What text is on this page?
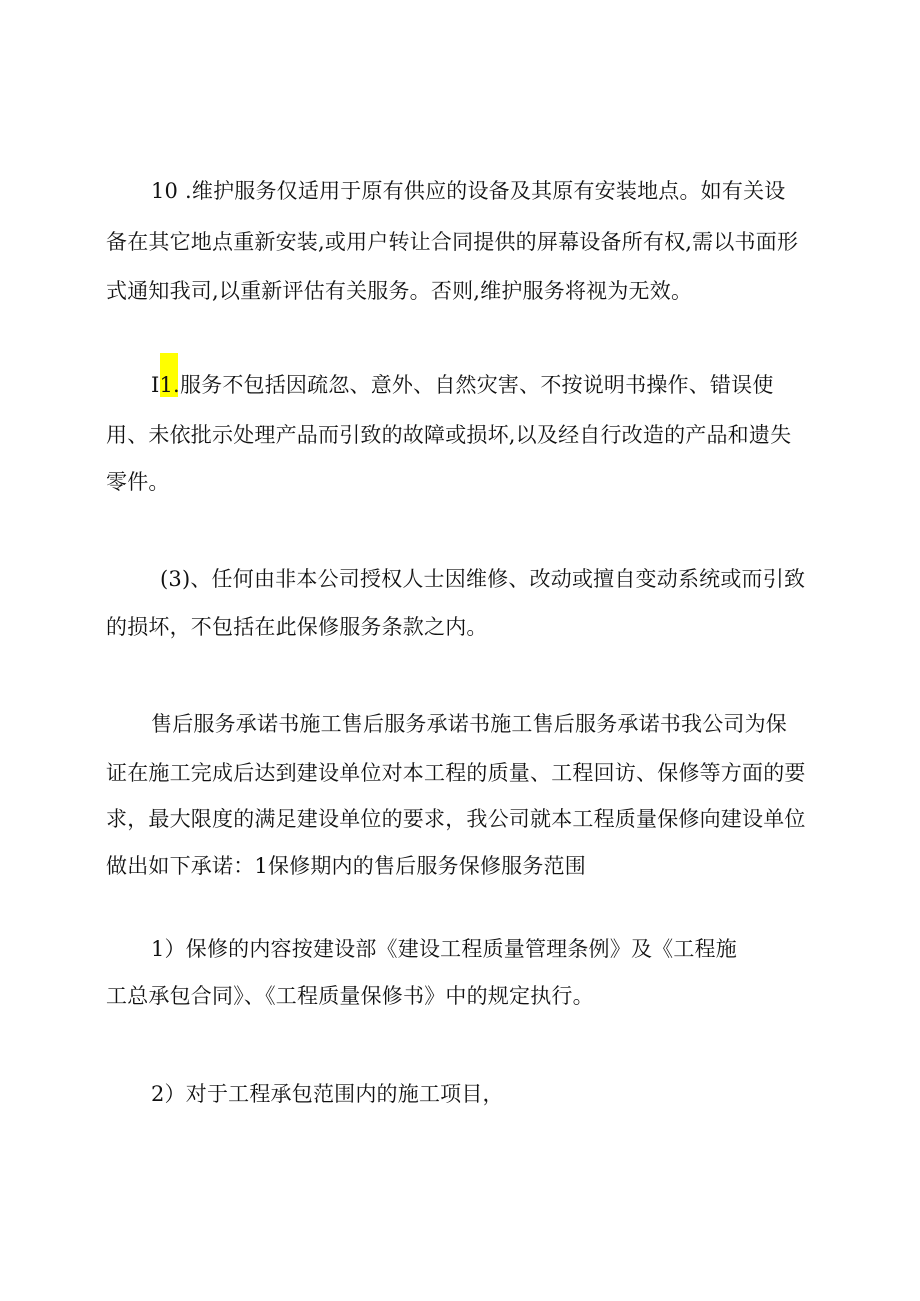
10 .维护服务仅适用于原有供应的设备及其原有安装地点。如有关设
备在其它地点重新安装,或用户转让合同提供的屏幕设备所有权,需以书面形
式通知我司,以重新评估有关服务。否则,维护服务将视为无效。
I1.服务不包括因疏忽、意外、自然灾害、不按说明书操作、错误使
用、未依批示处理产品而引致的故障或损坏,以及经自行改造的产品和遗失
零件。
(3)、任何由非本公司授权人士因维修、改动或擅自变动系统或而引致
的损坏，不包括在此保修服务条款之内。
售后服务承诺书施工售后服务承诺书施工售后服务承诺书我公司为保
证在施工完成后达到建设单位对本工程的质量、工程回访、保修等方面的要
求，最大限度的满足建设单位的要求，我公司就本工程质量保修向建设单位
做出如下承诺：1保修期内的售后服务保修服务范围
1）保修的内容按建设部《建设工程质量管理条例》及《工程施
工总承包合同》、《工程质量保修书》中的规定执行。
2）对于工程承包范围内的施工项目，
